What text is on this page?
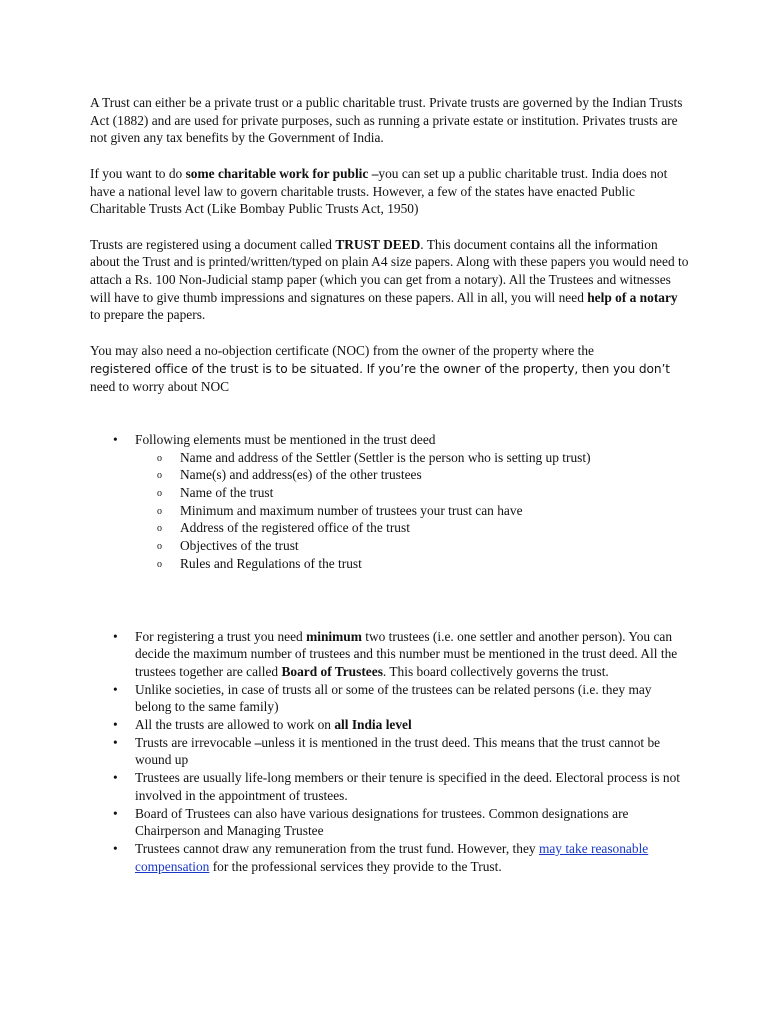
A Trust can either be a private trust or a public charitable trust. Private trusts are governed by the Indian Trusts Act (1882) and are used for private purposes, such as running a private estate or institution. Privates trusts are not given any tax benefits by the Government of India.

If you want to do some charitable work for public –you can set up a public charitable trust. India does not have a national level law to govern charitable trusts. However, a few of the states have enacted Public Charitable Trusts Act (Like Bombay Public Trusts Act, 1950)

Trusts are registered using a document called TRUST DEED. This document contains all the information about the Trust and is printed/written/typed on plain A4 size papers. Along with these papers you would need to attach a Rs. 100 Non-Judicial stamp paper (which you can get from a notary). All the Trustees and witnesses will have to give thumb impressions and signatures on these papers. All in all, you will need help of a notary to prepare the papers.

You may also need a no-objection certificate (NOC) from the owner of the property where the
registered office of the trust is to be situated. If you’re the owner of the property, then you don’t
need to worry about NOC

• Following elements must be mentioned in the trust deed
o Name and address of the Settler (Settler is the person who is setting up trust)
o Name(s) and address(es) of the other trustees
o Name of the trust
o Minimum and maximum number of trustees your trust can have
o Address of the registered office of the trust
o Objectives of the trust
o Rules and Regulations of the trust
• For registering a trust you need minimum two trustees (i.e. one settler and another person). You can decide the maximum number of trustees and this number must be mentioned in the trust deed. All the trustees together are called Board of Trustees. This board collectively governs the trust.
• Unlike societies, in case of trusts all or some of the trustees can be related persons (i.e. they may belong to the same family)
• All the trusts are allowed to work on all India level
• Trusts are irrevocable –unless it is mentioned in the trust deed. This means that the trust cannot be wound up
• Trustees are usually life-long members or their tenure is specified in the deed. Electoral process is not involved in the appointment of trustees.
• Board of Trustees can also have various designations for trustees. Common designations are Chairperson and Managing Trustee
• Trustees cannot draw any remuneration from the trust fund. However, they may take reasonable compensation for the professional services they provide to the Trust.
